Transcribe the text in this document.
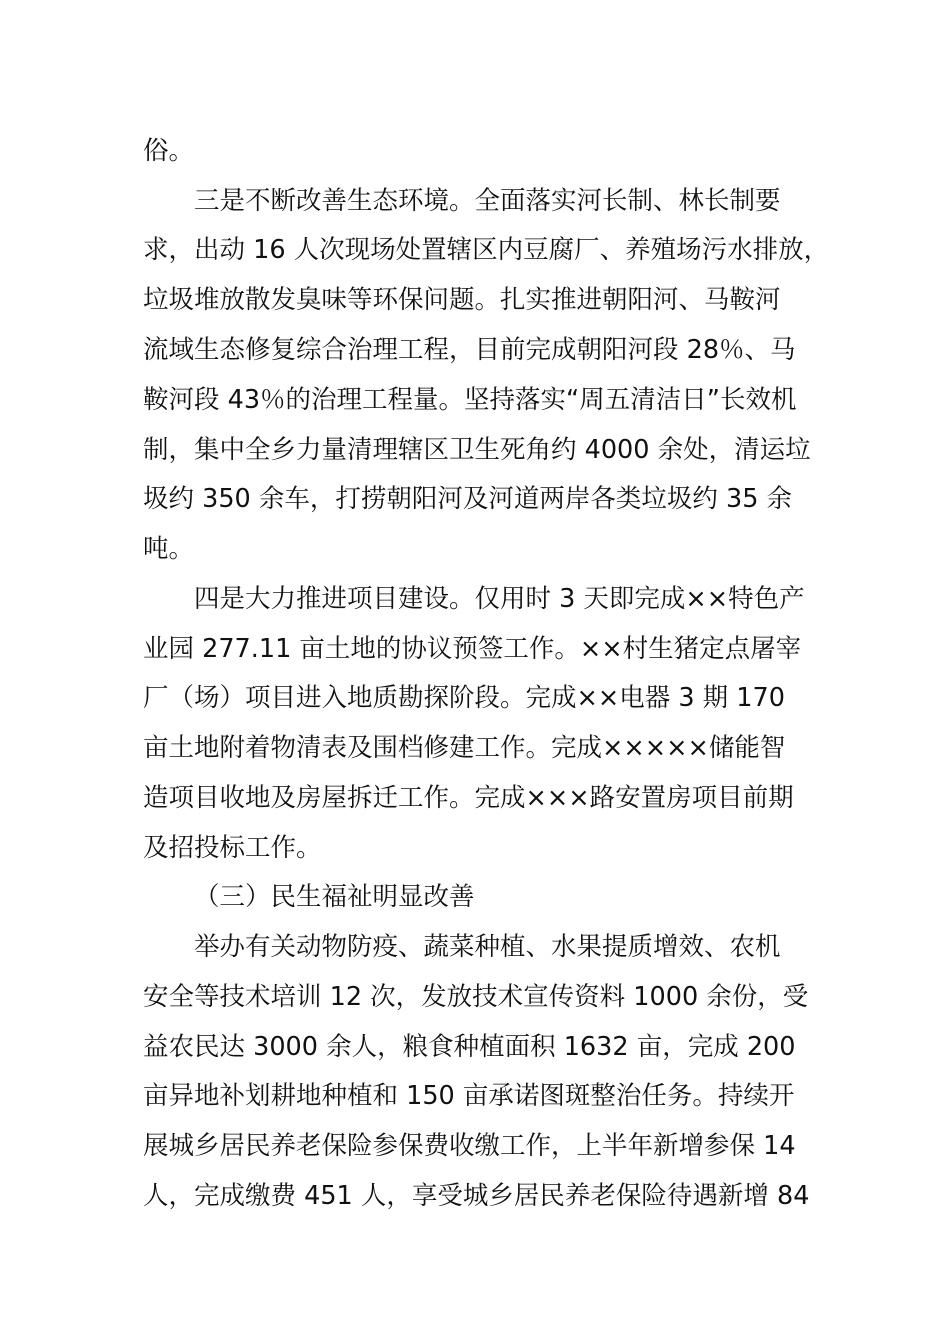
俗。
三是不断改善生态环境。全面落实河长制、林长制要
求，出动 16 人次现场处置辖区内豆腐厂、养殖场污水排放，
垃圾堆放散发臭味等环保问题。扎实推进朝阳河、马鞍河
流域生态修复综合治理工程，目前完成朝阳河段 28％、马
鞍河段 43％的治理工程量。坚持落实“周五清洁日”长效机
制，集中全乡力量清理辖区卫生死角约 4000 余处，清运垃
圾约 350 余车，打捞朝阳河及河道两岸各类垃圾约 35 余
吨。
四是大力推进项目建设。仅用时 3 天即完成××特色产
业园 277.11 亩土地的协议预签工作。××村生猪定点屠宰
厂（场）项目进入地质勘探阶段。完成××电器 3 期 170
亩土地附着物清表及围档修建工作。完成×××××储能智
造项目收地及房屋拆迁工作。完成×××路安置房项目前期
及招投标工作。
（三）民生福祉明显改善
举办有关动物防疫、蔬菜种植、水果提质增效、农机
安全等技术培训 12 次，发放技术宣传资料 1000 余份，受
益农民达 3000 余人，粮食种植面积 1632 亩，完成 200
亩异地补划耕地种植和 150 亩承诺图斑整治任务。持续开
展城乡居民养老保险参保费收缴工作，上半年新增参保 14
人，完成缴费 451 人，享受城乡居民养老保险待遇新增 84
